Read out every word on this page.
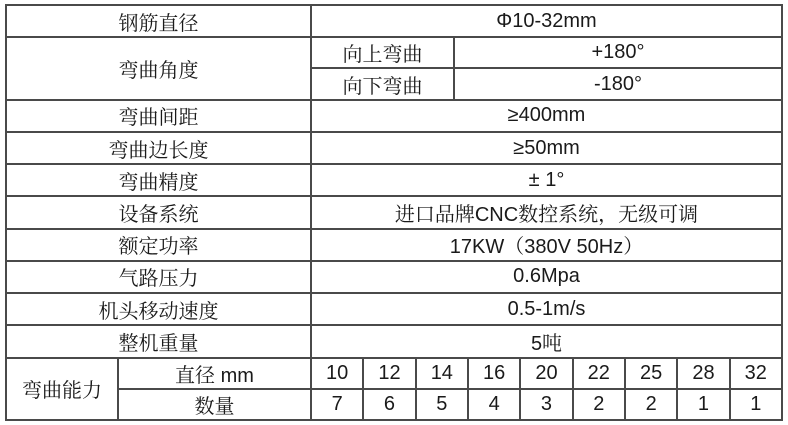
钢筋直径	Φ10-32mm
弯曲角度
向上弯曲	+180°
向下弯曲	-180°
弯曲间距	≥400mm
弯曲边长度	≥50mm
弯曲精度	± 1°
设备系统	进口品牌CNC数控系统，无级可调
额定功率	17KW（380V 50Hz）
气路压力	0.6Mpa
机头移动速度	0.5-1m/s
整机重量	5吨
弯曲能力
直径 mm	10	12	14	16	20	22	25	28	32
数量	7	6	5	4	3	2	2	1	1
